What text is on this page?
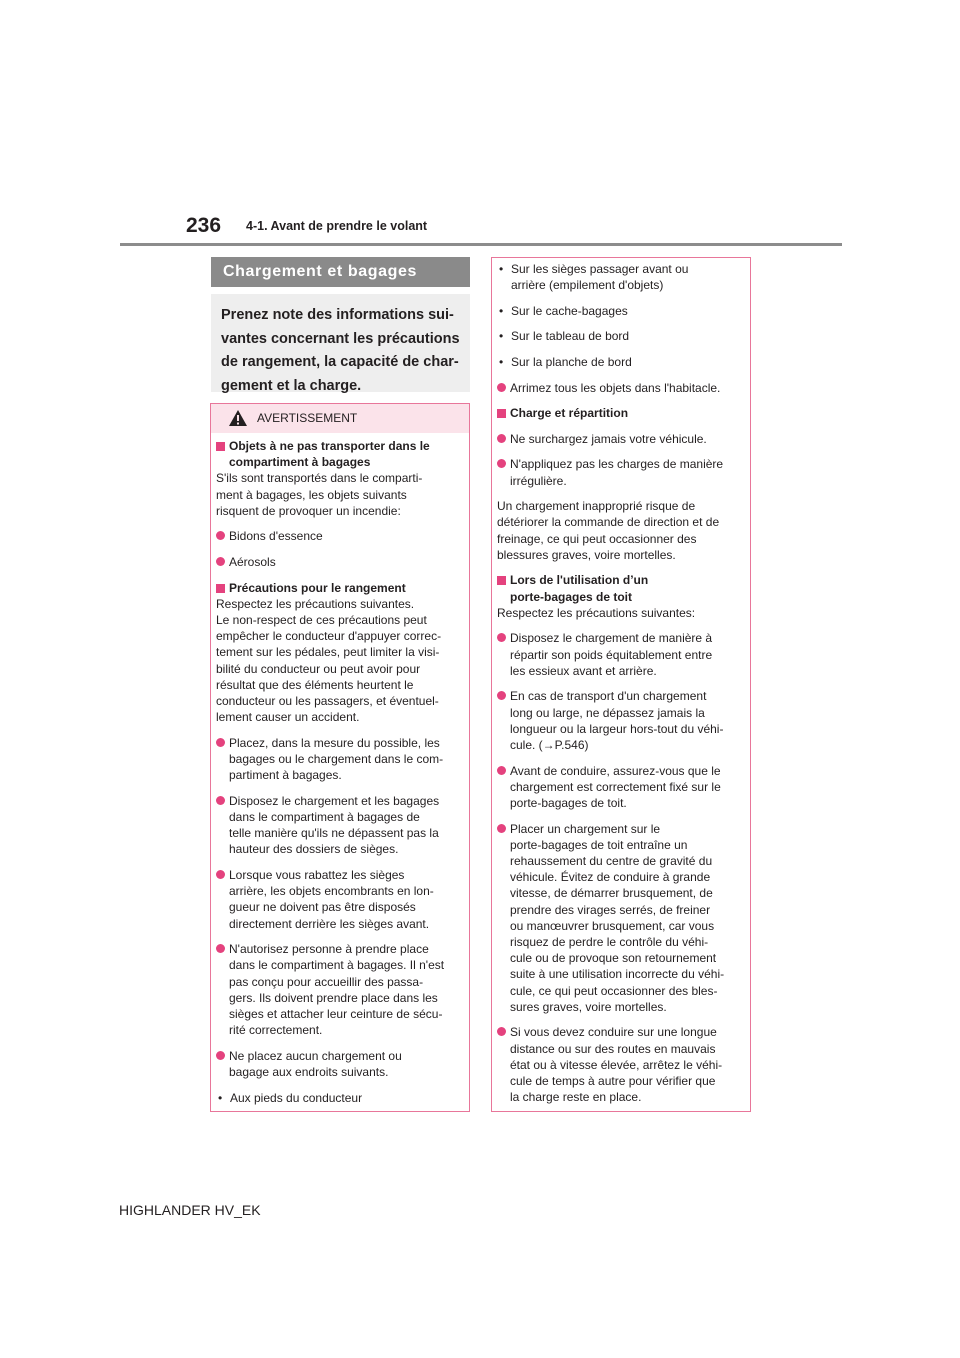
236 4-1. Avant de prendre le volant
Chargement et bagages
Prenez note des informations sui-
vantes concernant les précautions
de rangement, la capacité de char-
gement et la charge.
AVERTISSEMENT
Objets à ne pas transporter dans le
compartiment à bagages
S'ils sont transportés dans le comparti-
ment à bagages, les objets suivants
risquent de provoquer un incendie:
Bidons d'essence
Aérosols
Précautions pour le rangement
Respectez les précautions suivantes.
Le non-respect de ces précautions peut
empêcher le conducteur d'appuyer correc-
tement sur les pédales, peut limiter la visi-
bilité du conducteur ou peut avoir pour
résultat que des éléments heurtent le
conducteur ou les passagers, et éventuel-
lement causer un accident.
Placez, dans la mesure du possible, les
bagages ou le chargement dans le com-
partiment à bagages.
Disposez le chargement et les bagages
dans le compartiment à bagages de
telle manière qu'ils ne dépassent pas la
hauteur des dossiers de sièges.
Lorsque vous rabattez les sièges
arrière, les objets encombrants en lon-
gueur ne doivent pas être disposés
directement derrière les sièges avant.
N'autorisez personne à prendre place
dans le compartiment à bagages. Il n'est
pas conçu pour accueillir des passa-
gers. Ils doivent prendre place dans les
sièges et attacher leur ceinture de sécu-
rité correctement.
Ne placez aucun chargement ou
bagage aux endroits suivants.
• Aux pieds du conducteur
• Sur les sièges passager avant ou
arrière (empilement d'objets)
• Sur le cache-bagages
• Sur le tableau de bord
• Sur la planche de bord
Arrimez tous les objets dans l'habitacle.
Charge et répartition
Ne surchargez jamais votre véhicule.
N'appliquez pas les charges de manière
irrégulière.
Un chargement inapproprié risque de
détériorer la commande de direction et de
freinage, ce qui peut occasionner des
blessures graves, voire mortelles.
Lors de l'utilisation d’un
porte-bagages de toit
Respectez les précautions suivantes:
Disposez le chargement de manière à
répartir son poids équitablement entre
les essieux avant et arrière.
En cas de transport d'un chargement
long ou large, ne dépassez jamais la
longueur ou la largeur hors-tout du véhi-
cule. (→P.546)
Avant de conduire, assurez-vous que le
chargement est correctement fixé sur le
porte-bagages de toit.
Placer un chargement sur le
porte-bagages de toit entraîne un
rehaussement du centre de gravité du
véhicule. Évitez de conduire à grande
vitesse, de démarrer brusquement, de
prendre des virages serrés, de freiner
ou manœuvrer brusquement, car vous
risquez de perdre le contrôle du véhi-
cule ou de provoque son retournement
suite à une utilisation incorrecte du véhi-
cule, ce qui peut occasionner des bles-
sures graves, voire mortelles.
Si vous devez conduire sur une longue
distance ou sur des routes en mauvais
état ou à vitesse élevée, arrêtez le véhi-
cule de temps à autre pour vérifier que
la charge reste en place.
HIGHLANDER HV_EK
